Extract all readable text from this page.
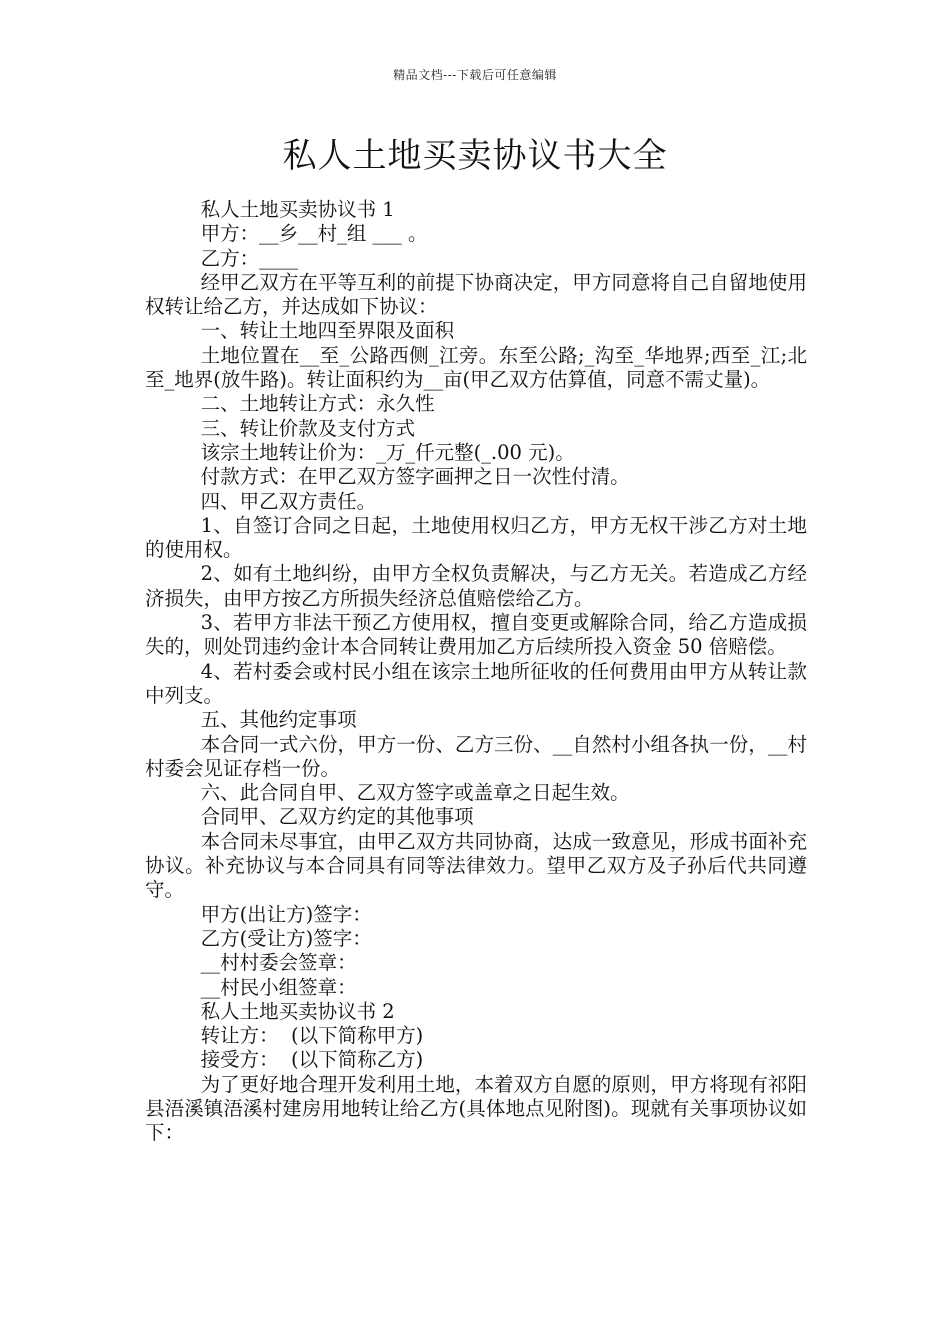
精品文档---下载后可任意编辑
私人土地买卖协议书大全

私人土地买卖协议书 1

甲方：__乡__村_组 ___ 。

乙方：____

经甲乙双方在平等互利的前提下协商决定，甲方同意将自己自留地使用权转让给乙方，并达成如下协议：

一、转让土地四至界限及面积

土地位置在__至_公路西侧_江旁。东至公路;_沟至_华地界;西至_江;北至_地界(放牛路)。转让面积约为__亩(甲乙双方估算值，同意不需丈量)。

二、土地转让方式：永久性

三、转让价款及支付方式

该宗土地转让价为：_万_仟元整(_.00 元)。

付款方式：在甲乙双方签字画押之日一次性付清。

四、甲乙双方责任。

1、自签订合同之日起，土地使用权归乙方，甲方无权干涉乙方对土地的使用权。

2、如有土地纠纷，由甲方全权负责解决，与乙方无关。若造成乙方经济损失，由甲方按乙方所损失经济总值赔偿给乙方。

3、若甲方非法干预乙方使用权，擅自变更或解除合同，给乙方造成损失的，则处罚违约金计本合同转让费用加乙方后续所投入资金 50 倍赔偿。

4、若村委会或村民小组在该宗土地所征收的任何费用由甲方从转让款中列支。

五、其他约定事项

本合同一式六份，甲方一份、乙方三份、__自然村小组各执一份，__村村委会见证存档一份。

六、此合同自甲、乙双方签字或盖章之日起生效。

合同甲、乙双方约定的其他事项

本合同未尽事宜，由甲乙双方共同协商，达成一致意见，形成书面补充协议。补充协议与本合同具有同等法律效力。望甲乙双方及子孙后代共同遵守。

甲方(出让方)签字：

乙方(受让方)签字：

__村村委会签章：

__村民小组签章：

私人土地买卖协议书 2

转让方：  (以下简称甲方)

接受方：  (以下简称乙方)

为了更好地合理开发利用土地，本着双方自愿的原则，甲方将现有祁阳县浯溪镇浯溪村建房用地转让给乙方(具体地点见附图)。现就有关事项协议如下：
